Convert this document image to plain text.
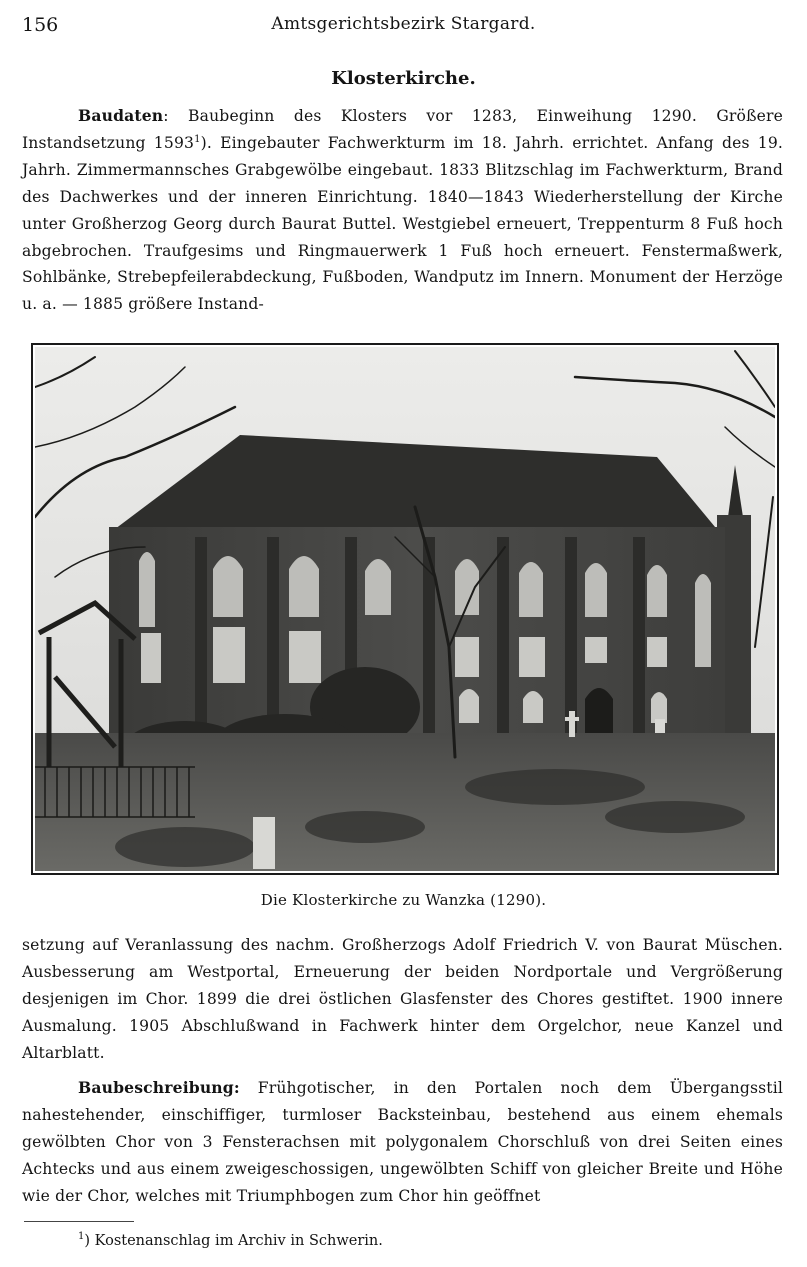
156	Amtsgerichtsbezirk Stargard.
Klosterkirche.
Baudaten: Baubeginn des Klosters vor 1283, Einweihung 1290. Größere Instandsetzung 1593$^1$). Eingebauter Fachwerkturm im 18. Jahrh. errichtet. Anfang des 19. Jahrh. Zimmermannsches Grabgewölbe eingebaut. 1833 Blitzschlag im Fachwerkturm, Brand des Dachwerkes und der inneren Einrichtung. 1840—1843 Wiederherstellung der Kirche unter Großherzog Georg durch Baurat Buttel. Westgiebel erneuert, Treppenturm 8 Fuß hoch abgebrochen. Traufgesims und Ringmauerwerk 1 Fuß hoch erneuert. Fenstermaßwerk, Sohlbänke, Strebepfeilerabdeckung, Fußboden, Wandputz im Innern. Monument der Herzöge u. a. — 1885 größere Instand-
Die Klosterkirche zu Wanzka (1290).
setzung auf Veranlassung des nachm. Großherzogs Adolf Friedrich V. von Baurat Müschen. Ausbesserung am Westportal, Erneuerung der beiden Nordportale und Vergrößerung desjenigen im Chor. 1899 die drei östlichen Glasfenster des Chores gestiftet. 1900 innere Ausmalung. 1905 Abschlußwand in Fachwerk hinter dem Orgelchor, neue Kanzel und Altarblatt.
Baubeschreibung: Frühgotischer, in den Portalen noch dem Übergangsstil nahestehender, einschiffiger, turmloser Backsteinbau, bestehend aus einem ehemals gewölbten Chor von 3 Fensterachsen mit polygonalem Chorschluß von drei Seiten eines Achtecks und aus einem zweigeschossigen, ungewölbten Schiff von gleicher Breite und Höhe wie der Chor, welches mit Triumphbogen zum Chor hin geöffnet
$^1$) Kostenanschlag im Archiv in Schwerin.
